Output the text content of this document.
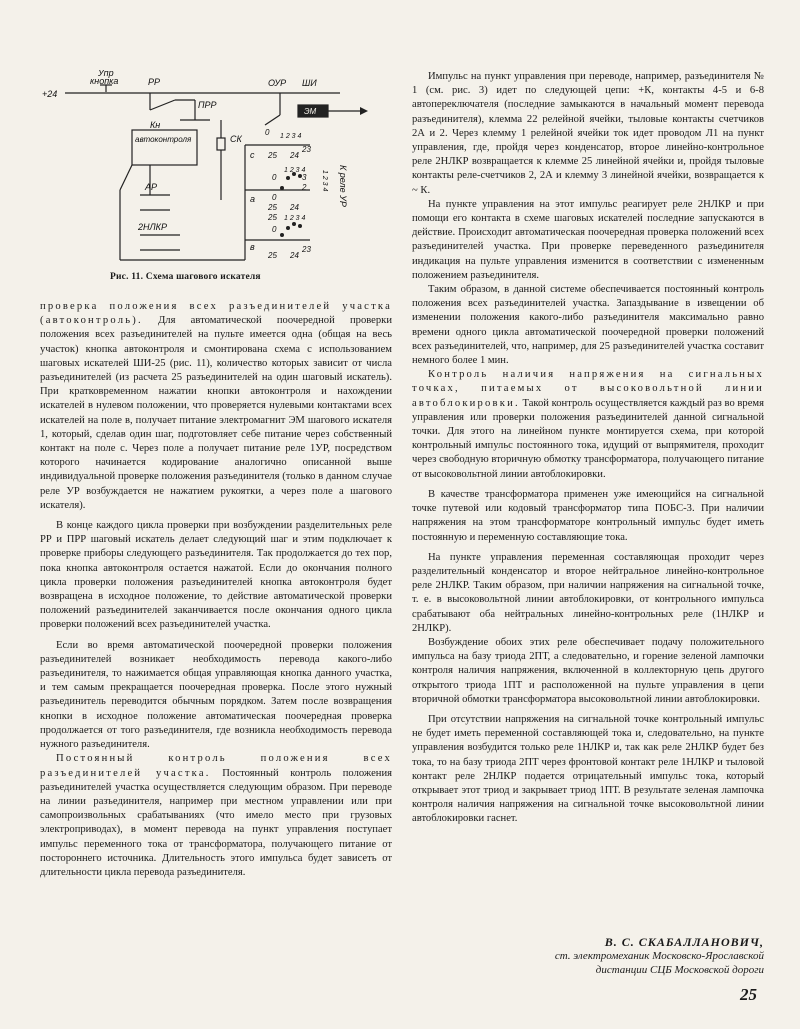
Упр
кнопка
+24
РР
ПРР
Кн
автоконтроля
АР
2НЛКР
СК
ОУР ШИ
ЭМ
с
а
в
0
0
0
0
1 2 3 4
1 2 3 4
1 2 3 4
25
25
25
25
24
24
24
23
23
3
2 1 2 3 4 К реле УР
Рис. 11. Схема шагового искателя

проверка положения всех разъединителей участка (автоконтроль). Для автоматической поочередной проверки положения всех разъединителей на пульте имеется одна (общая на весь участок) кнопка автоконтроля и смонтирована схема с использованием шаговых искателей ШИ-25 (рис. 11), количество которых зависит от числа разъединителей (из расчета 25 разъединителей на один шаговый искатель). При кратковременном нажатии кнопки автоконтроля и нахождении искателей в нулевом положении, что проверяется нулевыми контактами всех искателей на поле в, получает питание электромагнит ЭМ шагового искателя 1, который, сделав один шаг, подготовляет себе питание через собственный контакт на поле с. Через поле а получает питание реле 1УР, посредством которого начинается кодирование аналогично описанной выше индивидуальной проверке положения разъединителя (только в данном случае реле УР возбуждается не нажатием рукоятки, а через поле а шагового искателя).

В конце каждого цикла проверки при возбуждении разделительных реле РР и ПРР шаговый искатель делает следующий шаг и этим подключает к проверке приборы следующего разъединителя. Так продолжается до тех пор, пока кнопка автоконтроля остается нажатой. Если до окончания полного цикла проверки положения разъединителей кнопка автоконтроля будет возвращена в исходное положение, то действие автоматической проверки положений разъединителей заканчивается после окончания одного цикла проверки положений всех разъединителей участка.

Если во время автоматической поочередной проверки положения разъединителей возникает необходимость перевода какого-либо разъединителя, то нажимается общая управляющая кнопка данного участка, и тем самым прекращается поочередная проверка. После этого нужный разъединитель переводится обычным порядком. Затем после возвращения кнопки в исходное положение автоматическая поочередная проверка продолжается от того разъединителя, где возникла необходимость перевода нужного разъединителя.

Постоянный контроль положения всех разъединителей участка. Постоянный контроль положения разъединителей участка осуществляется следующим образом. При переводе на линии разъединителя, например при местном управлении или при самопроизвольных срабатываниях (что имело место при грузовых электроприводах), в момент перевода на пункт управления поступает импульс переменного тока от трансформатора, получающего питание от постороннего источника. Длительность этого импульса будет зависеть от длительности цикла перевода разъединителя.

Импульс на пункт управления при переводе, например, разъединителя № 1 (см. рис. 3) идет по следующей цепи: +К, контакты 4-5 и 6-8 автопереключателя (последние замыкаются в начальный момент перевода разъединителя), клемма 22 релейной ячейки, тыловые контакты счетчиков 2А и 2. Через клемму 1 релейной ячейки ток идет проводом Л1 на пункт управления, где, пройдя через конденсатор, второе линейно-контрольное реле 2НЛКР возвращается к клемме 25 линейной ячейки и, пройдя тыловые контакты реле-счетчиков 2, 2А и клемму 3 линейной ячейки, возвращается к ~ К.

На пункте управления на этот импульс реагирует реле 2НЛКР и при помощи его контакта в схеме шаговых искателей последние запускаются в действие. Происходит автоматическая поочередная проверка положений всех разъединителей участка. При проверке переведенного разъединителя индикация на пульте управления изменится в соответствии с измененным положением разъединителя.

Таким образом, в данной системе обеспечивается постоянный контроль положения всех разъединителей участка. Запаздывание в извещении об изменении положения какого-либо разъединителя максимально равно времени одного цикла автоматической поочередной проверки положений всех разъединителей, что, например, для 25 разъединителей участка составит немного более 1 мин.

Контроль наличия напряжения на сигнальных точках, питаемых от высоковольтной линии автоблокировки. Такой контроль осуществляется каждый раз во время управления или проверки положения разъединителей данной сигнальной точки. Для этого на линейном пункте монтируется схема, при которой контрольный импульс постоянного тока, идущий от выпрямителя, проходит через свободную вторичную обмотку трансформатора, получающего питание от высоковольтной линии автоблокировки.

В качестве трансформатора применен уже имеющийся на сигнальной точке путевой или кодовый трансформатор типа ПОБС-3. При наличии напряжения на этом трансформаторе контрольный импульс будет иметь постоянную и переменную составляющие тока.

На пункте управления переменная составляющая проходит через разделительный конденсатор и второе нейтральное линейно-контрольное реле 2НЛКР. Таким образом, при наличии напряжения на сигнальной точке, т. е. в высоковольтной линии автоблокировки, от контрольного импульса срабатывают оба нейтральных линейно-контрольных реле (1НЛКР и 2НЛКР).

Возбуждение обоих этих реле обеспечивает подачу положительного импульса на базу триода 2ПТ, а следовательно, и горение зеленой лампочки контроля наличия напряжения, включенной в коллекторную цепь другого открытого триода 1ПТ и расположенной на пульте управления в цепи вторичной обмотки трансформатора высоковольтной линии автоблокировки.

При отсутствии напряжения на сигнальной точке контрольный импульс не будет иметь переменной составляющей тока и, следовательно, на пункте управления возбудится только реле 1НЛКР и, так как реле 2НЛКР будет без тока, то на базу триода 2ПТ через фронтовой контакт реле 1НЛКР и тыловой контакт реле 2НЛКР подается отрицательный импульс тока, который открывает этот триод и закрывает триод 1ПТ. В результате зеленая лампочка контроля наличия напряжения на сигнальной точке высоковольтной линии автоблокировки гаснет.

В. С. СКАБАЛЛАНОВИЧ,
ст. электромеханик Московско-Ярославской
дистанции СЦБ Московской дороги
25
